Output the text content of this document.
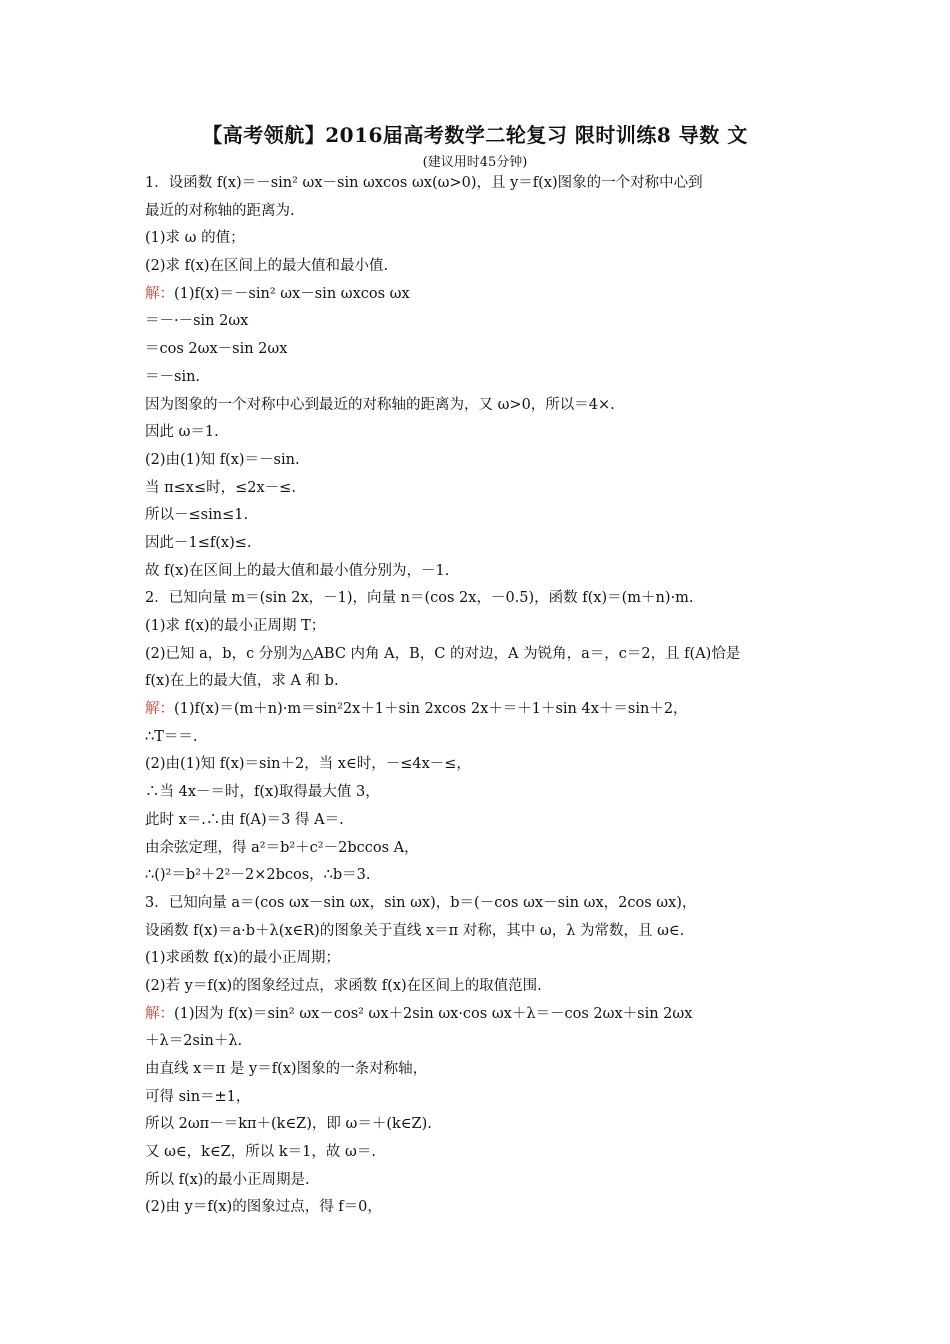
【高考领航】2016届高考数学二轮复习 限时训练8 导数 文
(建议用时45分钟)
1．设函数 f(x)＝－sin² ωx－sin ωxcos ωx(ω>0)，且 y＝f(x)图象的一个对称中心到
最近的对称轴的距离为.
(1)求 ω 的值；
(2)求 f(x)在区间上的最大值和最小值.
解：(1)f(x)＝－sin² ωx－sin ωxcos ωx
＝－·－sin 2ωx
＝cos 2ωx－sin 2ωx
＝－sin.
因为图象的一个对称中心到最近的对称轴的距离为，又 ω>0，所以＝4×.
因此 ω＝1.
(2)由(1)知 f(x)＝－sin.
当 π≤x≤时，≤2x－≤.
所以－≤sin≤1.
因此－1≤f(x)≤.
故 f(x)在区间上的最大值和最小值分别为，－1.
2．已知向量 m＝(sin 2x，－1)，向量 n＝(cos 2x，－0.5)，函数 f(x)＝(m＋n)·m.
(1)求 f(x)的最小正周期 T；
(2)已知 a，b，c 分别为△ABC 内角 A，B，C 的对边，A 为锐角，a＝，c＝2，且 f(A)恰是
f(x)在上的最大值，求 A 和 b.
解：(1)f(x)＝(m＋n)·m＝sin²2x＋1＋sin 2xcos 2x＋＝＋1＋sin 4x＋＝sin＋2，
∴T＝＝.
(2)由(1)知 f(x)＝sin＋2，当 x∈时，－≤4x－≤，
∴当 4x－＝时，f(x)取得最大值 3，
此时 x＝.∴由 f(A)＝3 得 A＝.
由余弦定理，得 a²＝b²＋c²－2bccos A，
∴()²＝b²＋2²－2×2bcos，∴b＝3.
3．已知向量 a＝(cos ωx－sin ωx，sin ωx)，b＝(－cos ωx－sin ωx，2cos ωx)，
设函数 f(x)＝a·b＋λ(x∈R)的图象关于直线 x＝π 对称，其中 ω，λ 为常数，且 ω∈.
(1)求函数 f(x)的最小正周期；
(2)若 y＝f(x)的图象经过点，求函数 f(x)在区间上的取值范围.
解：(1)因为 f(x)＝sin² ωx－cos² ωx＋2sin ωx·cos ωx＋λ＝－cos 2ωx＋sin 2ωx
＋λ＝2sin＋λ.
由直线 x＝π 是 y＝f(x)图象的一条对称轴，
可得 sin＝±1，
所以 2ωπ－＝kπ＋(k∈Z)，即 ω＝＋(k∈Z).
又 ω∈，k∈Z，所以 k＝1，故 ω＝.
所以 f(x)的最小正周期是.
(2)由 y＝f(x)的图象过点，得 f＝0，
